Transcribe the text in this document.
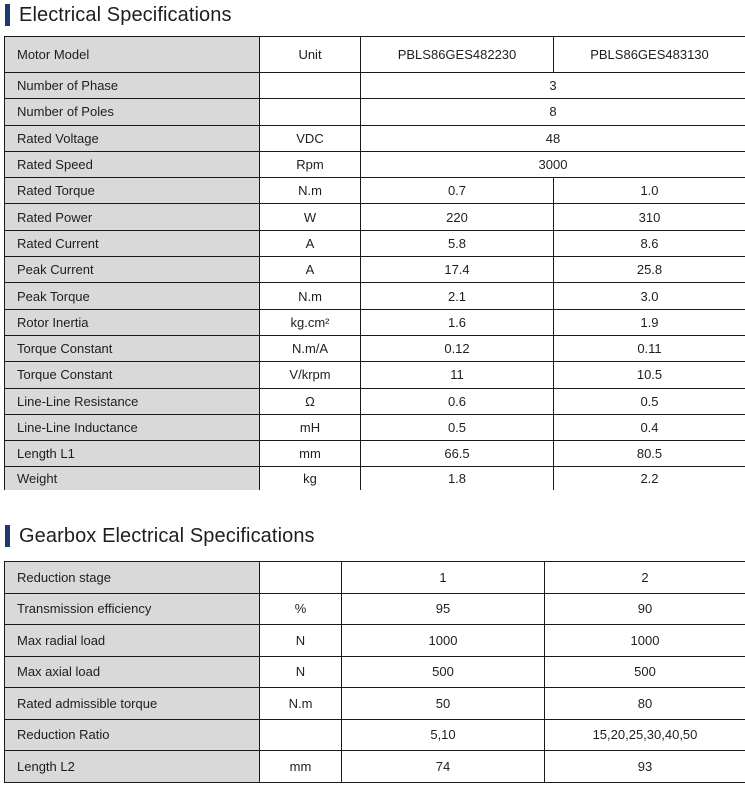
Electrical Specifications
Motor Model	Unit	PBLS86GES482230	PBLS86GES483130
Number of Phase		3	
Number of Poles		8	
Rated Voltage	VDC	48	
Rated Speed	Rpm	3000	
Rated Torque	N.m	0.7	1.0
Rated Power	W	220	310
Rated Current	A	5.8	8.6
Peak Current	A	17.4	25.8
Peak Torque	N.m	2.1	3.0
Rotor Inertia	kg.cm²	1.6	1.9
Torque Constant	N.m/A	0.12	0.11
Torque Constant	V/krpm	11	10.5
Line-Line Resistance	Ω	0.6	0.5
Line-Line Inductance	mH	0.5	0.4
Length L1	mm	66.5	80.5
Weight	kg	1.8	2.2
Gearbox Electrical Specifications
Reduction stage		1	2
Transmission efficiency	%	95	90
Max radial load	N	1000	1000
Max axial load	N	500	500
Rated admissible torque	N.m	50	80
Reduction Ratio		5,10	15,20,25,30,40,50
Length L2	mm	74	93
